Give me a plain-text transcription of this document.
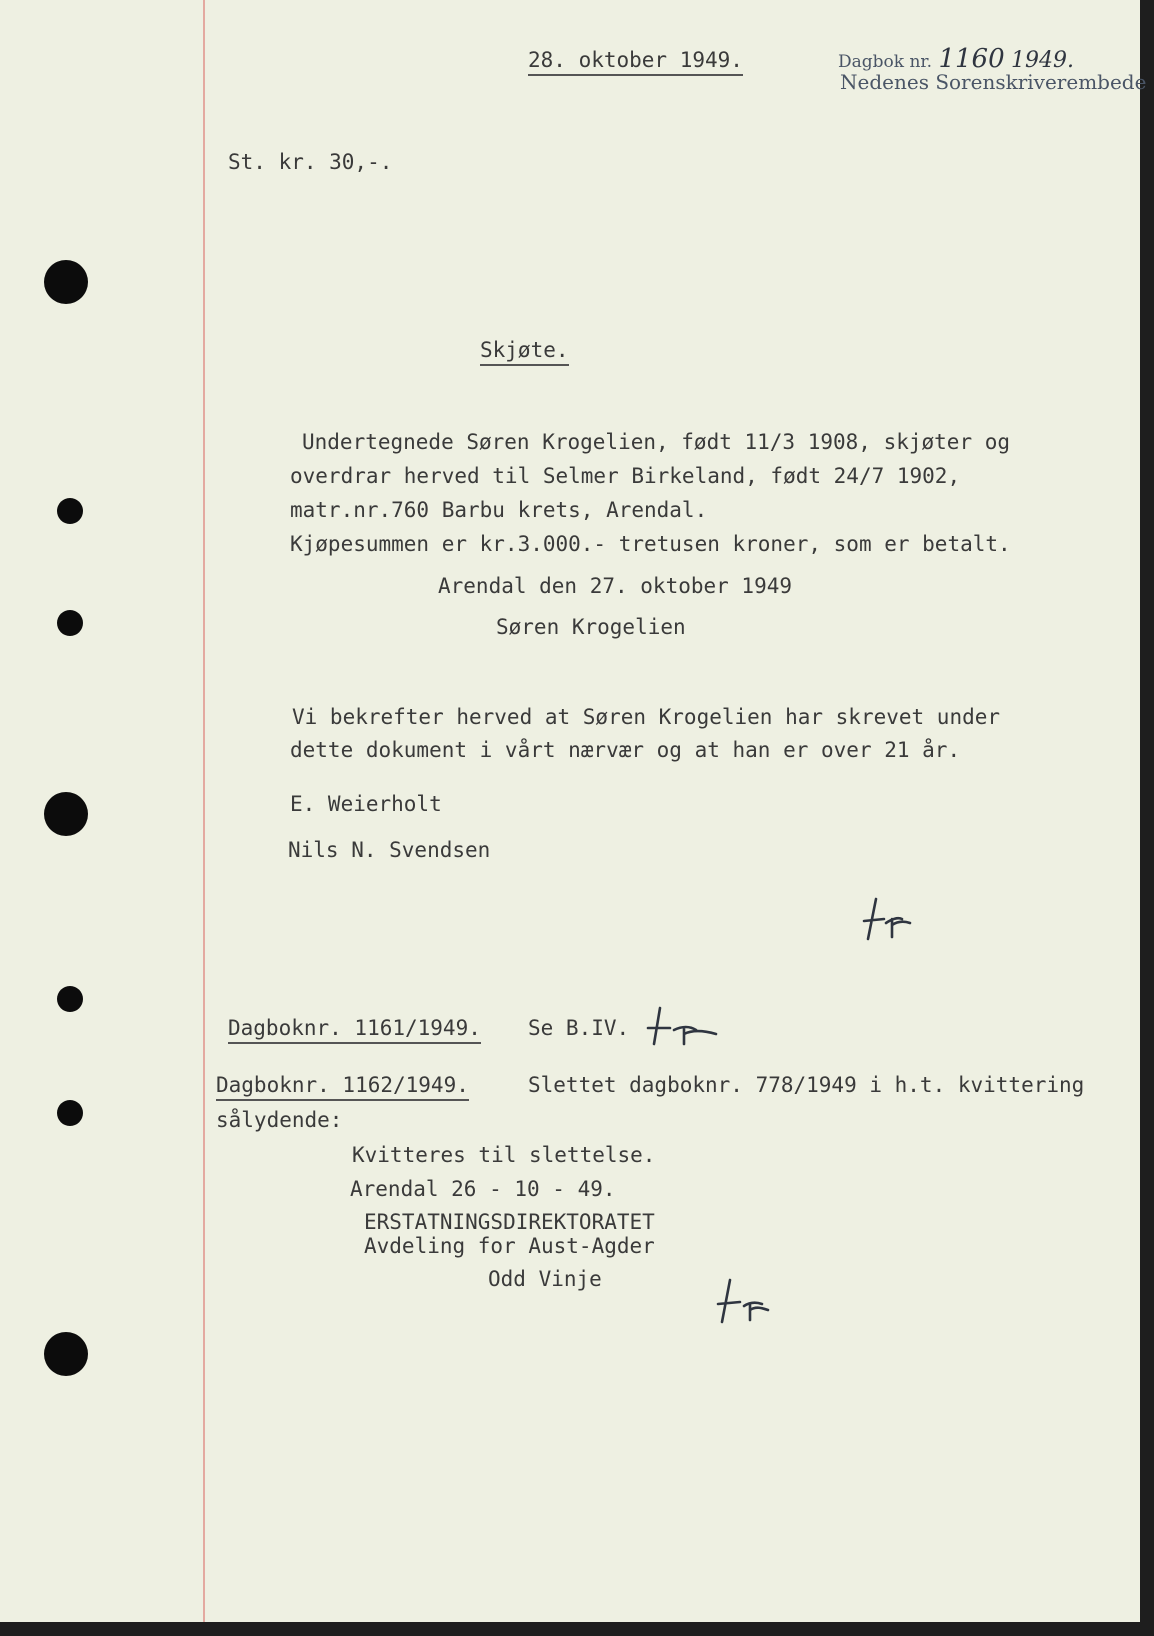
28. oktober 1949.	Dagbok nr. 1160 1949.
Nedenes Sorenskriverembede
St. kr. 30,-.
Skjøte.
Undertegnede Søren Krogelien, født 11/3 1908, skjøter og
overdrar herved til Selmer Birkeland, født 24/7 1902,
matr.nr.760 Barbu krets, Arendal.
Kjøpesummen er kr.3.000.- tretusen kroner, som er betalt.
Arendal den 27. oktober 1949
Søren Krogelien
Vi bekrefter herved at Søren Krogelien har skrevet under
dette dokument i vårt nærvær og at han er over 21 år.
E. Weierholt
Nils N. Svendsen
Dagboknr. 1161/1949. Se B.IV.
Dagboknr. 1162/1949.	Slettet dagboknr. 778/1949 i h.t. kvittering
sålydende:
Kvitteres til slettelse.
Arendal 26 - 10 - 49.
ERSTATNINGSDIREKTORATET
Avdeling for Aust-Agder
Odd Vinje
